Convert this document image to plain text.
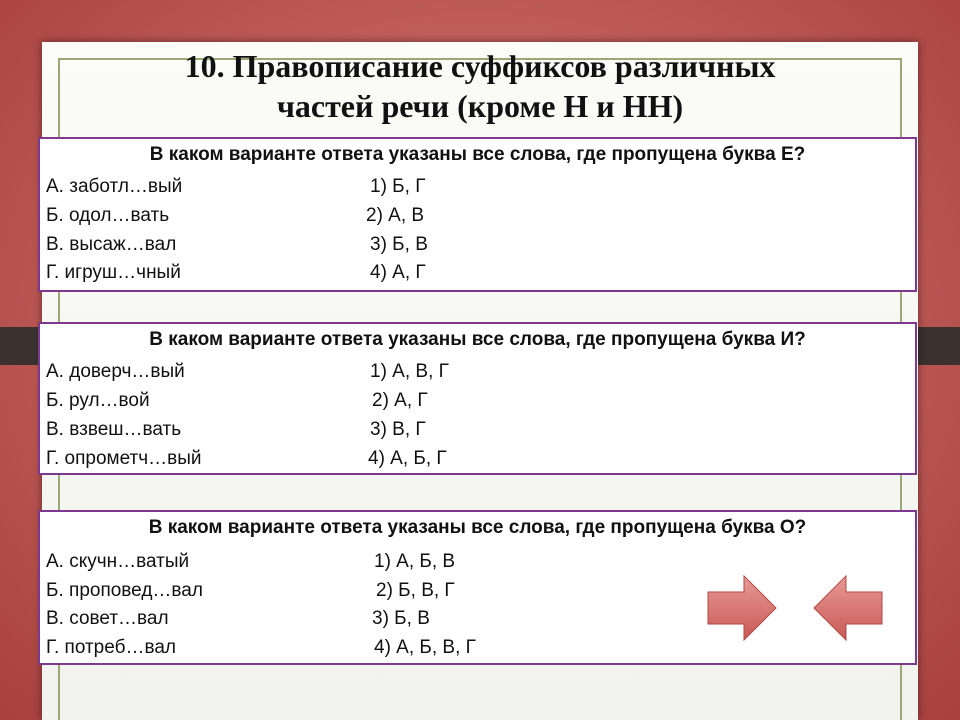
10. Правописание суффиксов различных
частей речи (кроме Н и НН)
В каком варианте ответа указаны все слова, где пропущена буква Е?
А. заботл…вый	1) Б, Г
Б. одол…вать	2) А, В
В. высаж…вал	3) Б, В
Г. игруш…чный	4) А, Г
В каком варианте ответа указаны все слова, где пропущена буква И?
А. доверч…вый	1) А, В, Г
Б. рул…вой	2) А, Г
В. взвеш…вать	3) В, Г
Г. опрометч…вый	4) А, Б, Г
В каком варианте ответа указаны все слова, где пропущена буква О?
А. скучн…ватый	1) А, Б, В
Б. проповед…вал	2) Б, В, Г
В. совет…вал	3) Б, В
Г. потреб…вал	4) А, Б, В, Г
